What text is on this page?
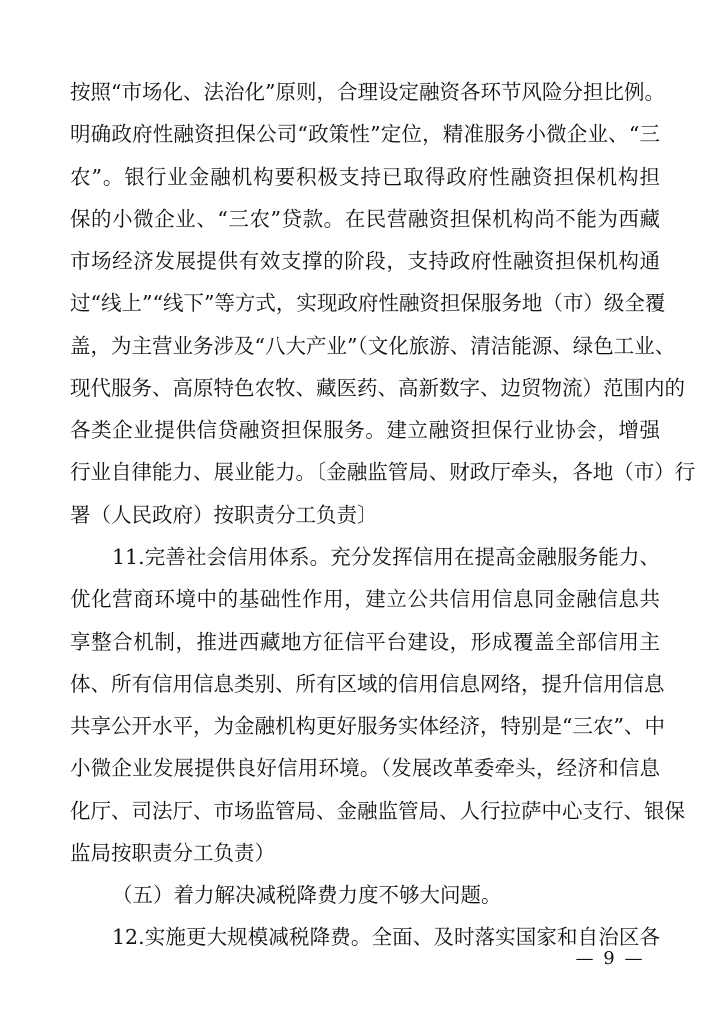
按照“市场化、法治化”原则，合理设定融资各环节风险分担比例。
明确政府性融资担保公司“政策性”定位，精准服务小微企业、“三
农”。银行业金融机构要积极支持已取得政府性融资担保机构担
保的小微企业、“三农”贷款。在民营融资担保机构尚不能为西藏
市场经济发展提供有效支撑的阶段，支持政府性融资担保机构通
过“线上”“线下”等方式，实现政府性融资担保服务地（市）级全覆
盖，为主营业务涉及“八大产业”（文化旅游、清洁能源、绿色工业、
现代服务、高原特色农牧、藏医药、高新数字、边贸物流）范围内的
各类企业提供信贷融资担保服务。建立融资担保行业协会，增强
行业自律能力、展业能力。〔金融监管局、财政厅牵头，各地（市）行
署（人民政府）按职责分工负责〕
11.完善社会信用体系。充分发挥信用在提高金融服务能力、
优化营商环境中的基础性作用，建立公共信用信息同金融信息共
享整合机制，推进西藏地方征信平台建设，形成覆盖全部信用主
体、所有信用信息类别、所有区域的信用信息网络，提升信用信息
共享公开水平，为金融机构更好服务实体经济，特别是“三农”、中
小微企业发展提供良好信用环境。（发展改革委牵头，经济和信息
化厅、司法厅、市场监管局、金融监管局、人行拉萨中心支行、银保
监局按职责分工负责）
（五）着力解决减税降费力度不够大问题。
12.实施更大规模减税降费。全面、及时落实国家和自治区各
— 9 —
